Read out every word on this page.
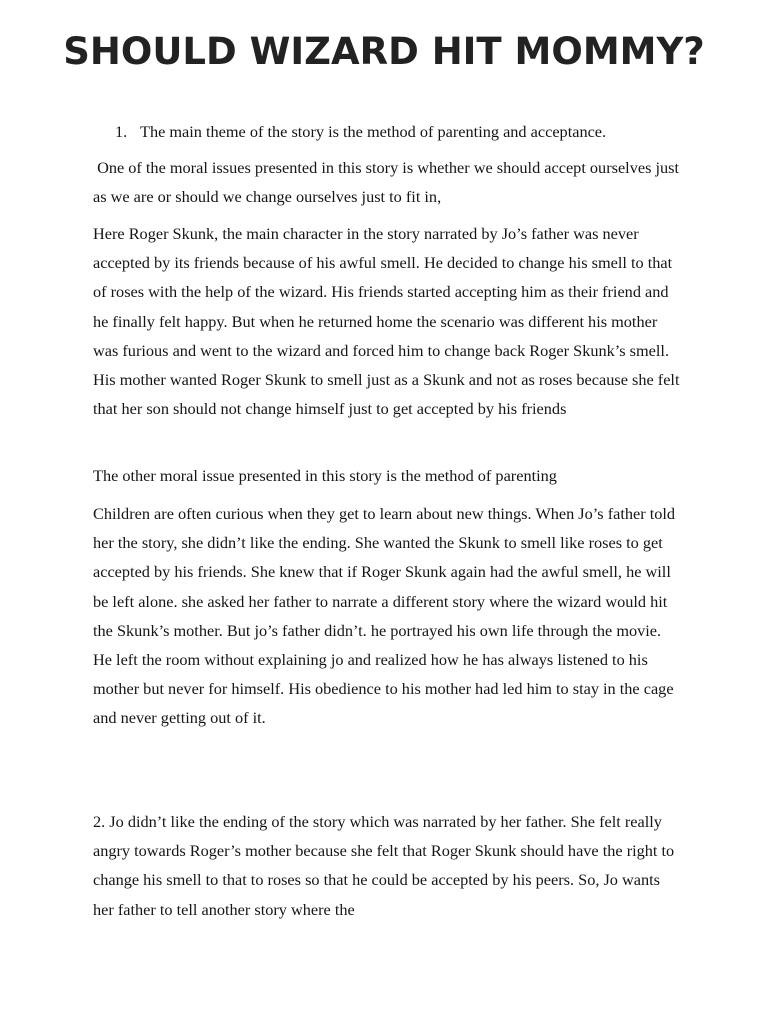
SHOULD WIZARD HIT MOMMY?

1. The main theme of the story is the method of parenting and acceptance.

One of the moral issues presented in this story is whether we should accept ourselves just as we are or should we change ourselves just to fit in,

Here Roger Skunk, the main character in the story narrated by Jo’s father was never accepted by its friends because of his awful smell. He decided to change his smell to that of roses with the help of the wizard. His friends started accepting him as their friend and he finally felt happy. But when he returned home the scenario was different his mother was furious and went to the wizard and forced him to change back Roger Skunk’s smell. His mother wanted Roger Skunk to smell just as a Skunk and not as roses because she felt that her son should not change himself just to get accepted by his friends

The other moral issue presented in this story is the method of parenting

Children are often curious when they get to learn about new things. When Jo’s father told her the story, she didn’t like the ending. She wanted the Skunk to smell like roses to get accepted by his friends. She knew that if Roger Skunk again had the awful smell, he will be left alone. she asked her father to narrate a different story where the wizard would hit the Skunk’s mother. But jo’s father didn’t. he portrayed his own life through the movie. He left the room without explaining jo and realized how he has always listened to his mother but never for himself. His obedience to his mother had led him to stay in the cage and never getting out of it.

2. Jo didn’t like the ending of the story which was narrated by her father. She felt really angry towards Roger’s mother because she felt that Roger Skunk should have the right to change his smell to that to roses so that he could be accepted by his peers. So, Jo wants her father to tell another story where the
